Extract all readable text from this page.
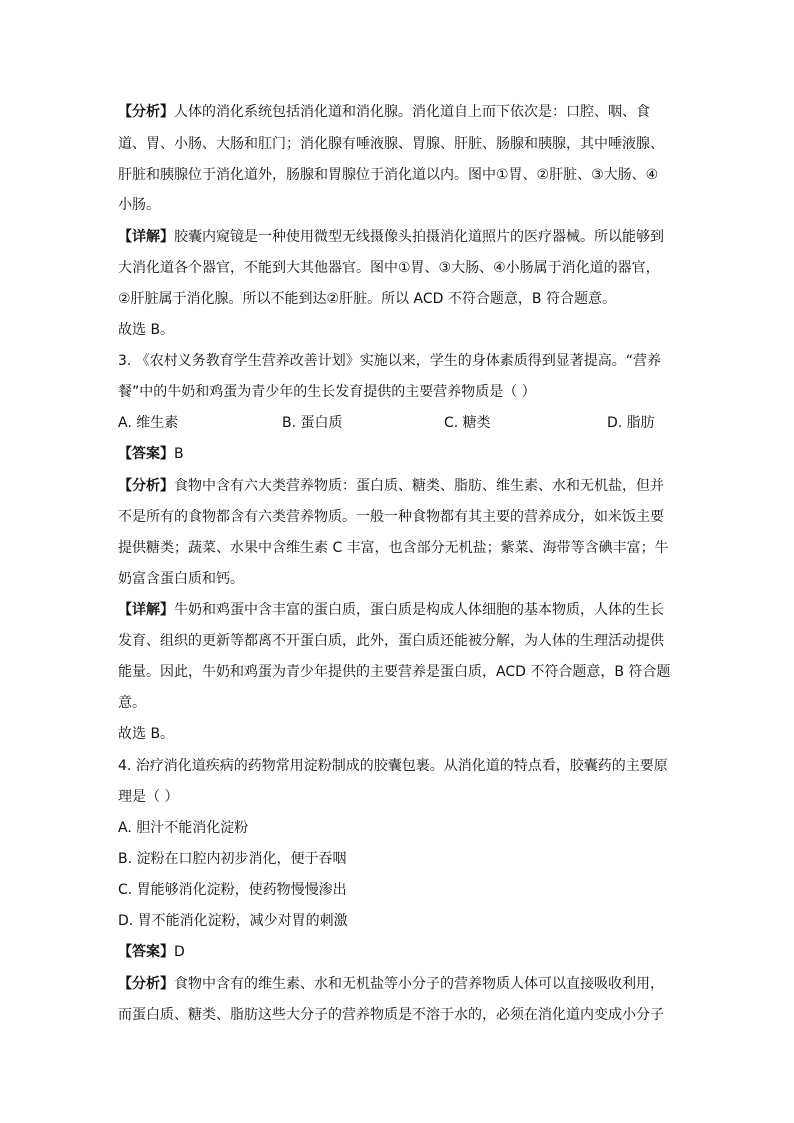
【分析】人体的消化系统包括消化道和消化腺。消化道自上而下依次是：口腔、咽、食
道、胃、小肠、大肠和肛门；消化腺有唾液腺、胃腺、肝脏、肠腺和胰腺，其中唾液腺、
肝脏和胰腺位于消化道外，肠腺和胃腺位于消化道以内。图中①胃、②肝脏、③大肠、④
小肠。
【详解】胶囊内窥镜是一种使用微型无线摄像头拍摄消化道照片的医疗器械。所以能够到
大消化道各个器官，不能到大其他器官。图中①胃、③大肠、④小肠属于消化道的器官，
②肝脏属于消化腺。所以不能到达②肝脏。所以 ACD 不符合题意，B 符合题意。
故选 B。
3. 《农村义务教育学生营养改善计划》实施以来，学生的身体素质得到显著提高。“营养
餐”中的牛奶和鸡蛋为青少年的生长发育提供的主要营养物质是（ ）
A. 维生素	B. 蛋白质	C. 糖类	D. 脂肪
【答案】B
【分析】食物中含有六大类营养物质：蛋白质、糖类、脂肪、维生素、水和无机盐，但并
不是所有的食物都含有六类营养物质。一般一种食物都有其主要的营养成分，如米饭主要
提供糖类；蔬菜、水果中含维生素 C 丰富，也含部分无机盐；紫菜、海带等含碘丰富；牛
奶富含蛋白质和钙。
【详解】牛奶和鸡蛋中含丰富的蛋白质，蛋白质是构成人体细胞的基本物质，人体的生长
发育、组织的更新等都离不开蛋白质，此外，蛋白质还能被分解，为人体的生理活动提供
能量。因此，牛奶和鸡蛋为青少年提供的主要营养是蛋白质，ACD 不符合题意，B 符合题
意。
故选 B。
4. 治疗消化道疾病的药物常用淀粉制成的胶囊包裹。从消化道的特点看，胶囊药的主要原
理是（ ）
A. 胆汁不能消化淀粉
B. 淀粉在口腔内初步消化，便于吞咽
C. 胃能够消化淀粉，使药物慢慢渗出
D. 胃不能消化淀粉，减少对胃的刺激
【答案】D
【分析】食物中含有的维生素、水和无机盐等小分子的营养物质人体可以直接吸收利用，
而蛋白质、糖类、脂肪这些大分子的营养物质是不溶于水的，必须在消化道内变成小分子
